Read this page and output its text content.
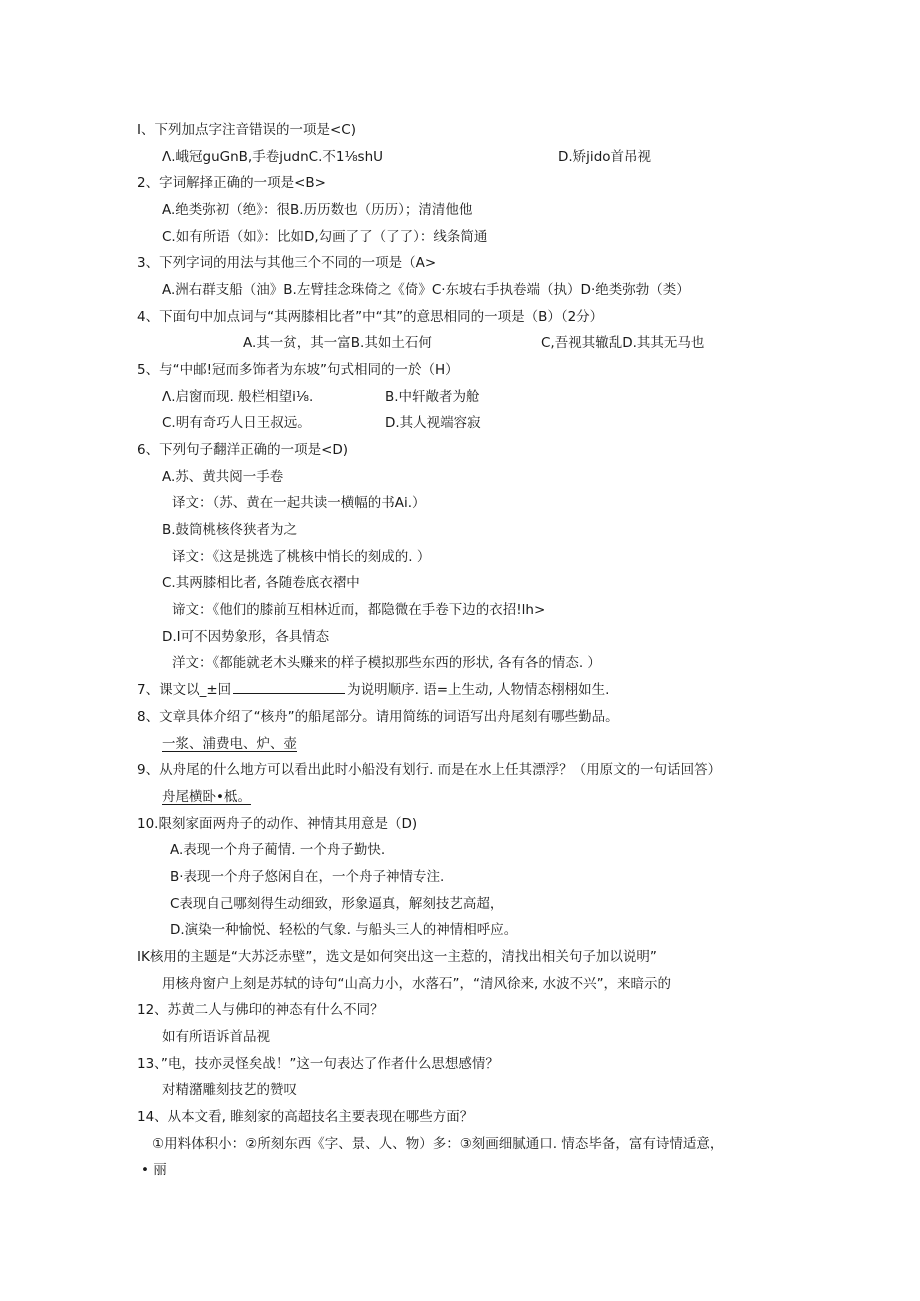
I、下列加点字注音错误的一项是<C)
Λ.峨冠guGnB,手卷judnC.不1⅛shU	D.矫jido首吊视
2、字词解择正确的一项是<B>
A.绝类弥初（绝》：很B.历历数也（历历）；清清他他
C.如有所语（如》：比如D,勾画了了（了了）：线条简通
3、下列字词的用法与其他三个不同的一项是（A>
A.洲右群支船（油》B.左臂挂念珠倚之《倚》C·东坡右手执卷端（执）D·绝类弥勃（类）
4、下面句中加点词与“其两膝相比者”中“其”的意思相同的一项是（B）（2分）
A.其一贫，其一富B.其如土石何	C,吾视其辙乱D.其其无马也
5、与“中邮!冠而多饰者为东坡”句式相同的一於（H）
Λ.启窗而现. 般栏相望i⅛.	B.中轩敞者为舱
C.明有奇巧人日王叔远。	D.其人视端容寂
6、下列句子翻洋正确的一项是<D)
A.苏、黄共阅一手卷
译文：（苏、黄在一起共读一横幅的书Ai.）
B.鼓筒桃核佟狭者为之
译文：《这是挑选了桃核中悄长的刻成的. ）
C.其两膝相比者, 各随卷底衣褶中
谛文：《他们的膝前互相林近而，都隐微在手卷下边的衣招!lh>
D.I可不因势象形，各具情态
洋文：《都能就老木头赚来的样子模拟那些东西的形状, 各有各的情态. ）
7、课文以_±回	为说明顺序. 语=上生动, 人物情态栩栩如生.
8、文章具体介绍了“核舟”的船尾部分。请用简练的词语写出舟尾刻有哪些勤品。
一浆、浦费电、炉、壶
9、从舟尾的什么地方可以看出此时小船没有划行. 而是在水上任其漂浮？（用原文的一句话回答）
舟尾横卧•柢。
10.限刻家面两舟子的动作、神情其用意是（D)
A.表现一个舟子蔺情. 一个舟子勤快.
B·表现一个舟子悠闲自在，一个舟子神情专注.
C表现自己哪刻得生动细致，形象逼真，解刻技艺高超，
D.演染一种愉悦、轻松的气象. 与船头三人的神情相呼应。
IK核用的主题是“大苏泛赤壁”，选文是如何突出这一主惹的，清找出相关句子加以说明”
用核舟窗户上刻是苏轼的诗句“山高力小，水落石”，“清风徐来, 水波不兴”，来暗示的
12、苏黄二人与佛印的神态有什么不同？
如有所语诉首品视
13、”电，技亦灵怪矣战！”这一句表达了作者什么思想感情？
对精潴雕刻技艺的赞叹
14、从本文看, 睢刻家的高超技名主要表现在哪些方面？
①用料体积小：②所刻东西《字、景、人、物）多：③刻画细腻通口. 情态毕备，富有诗情适意，
• 丽
